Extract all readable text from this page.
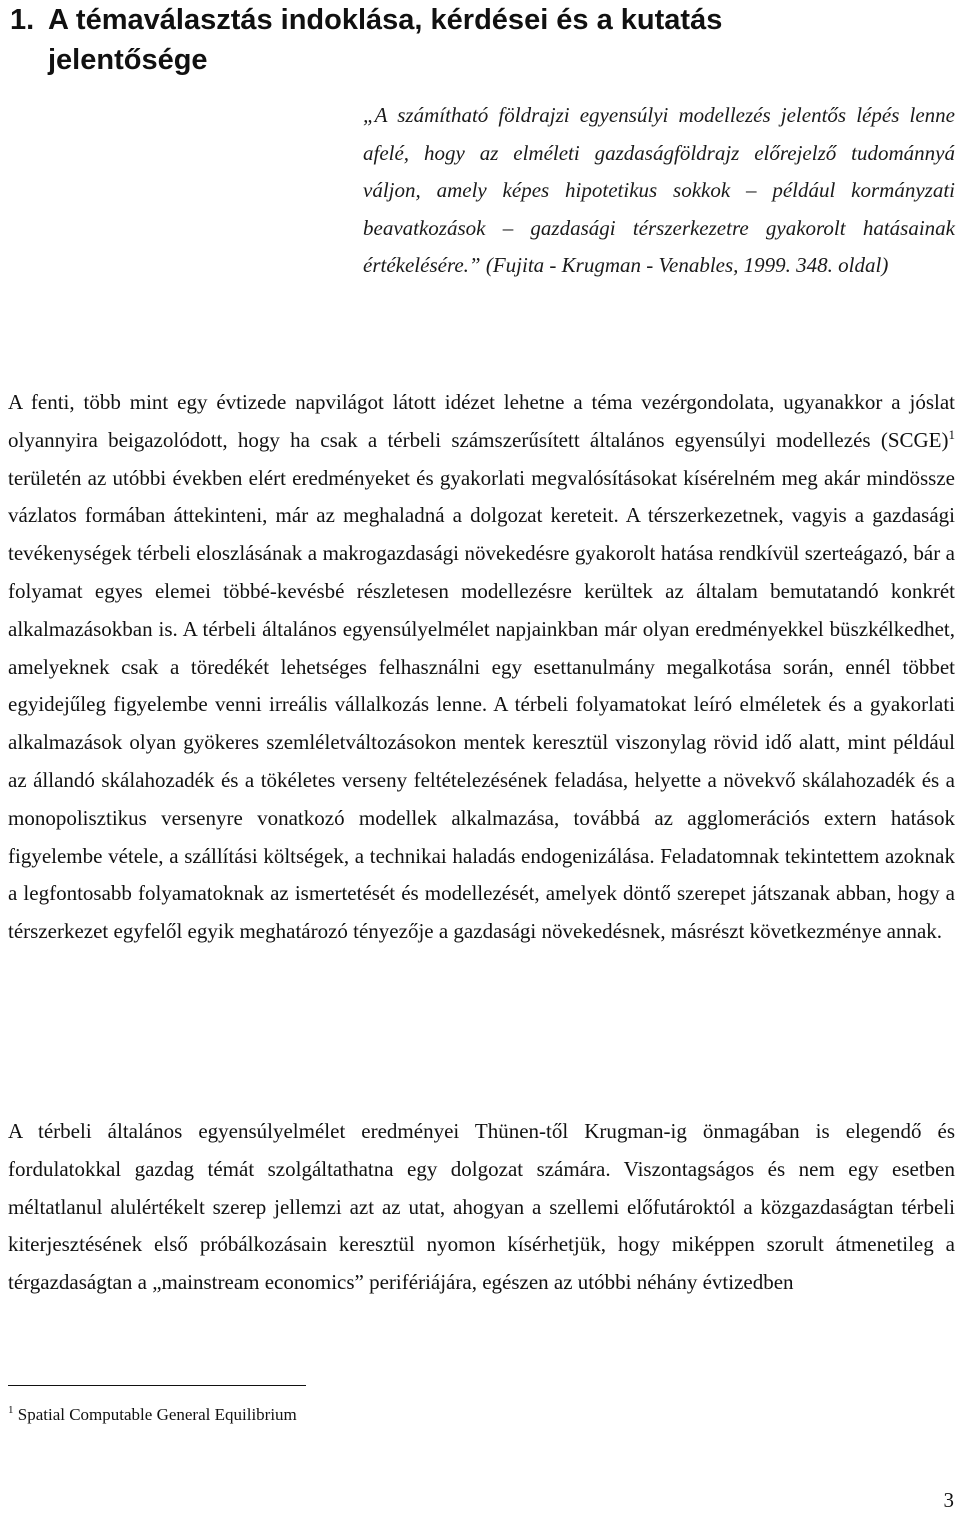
1. A témaválasztás indoklása, kérdései és a kutatás
jelentősége

„A számítható földrajzi egyensúlyi modellezés jelentős lépés lenne afelé, hogy az elméleti gazdaságföldrajz előrejelző tudománnyá váljon, amely képes hipotetikus sokkok – például kormányzati beavatkozások – gazdasági térszerkezetre gyakorolt hatásainak értékelésére.” (Fujita - Krugman - Venables, 1999. 348. oldal)

A fenti, több mint egy évtizede napvilágot látott idézet lehetne a téma vezérgondolata, ugyanakkor a jóslat olyannyira beigazolódott, hogy ha csak a térbeli számszerűsített általános egyensúlyi modellezés (SCGE)$^1$ területén az utóbbi években elért eredményeket és gyakorlati megvalósításokat kísérelném meg akár mindössze vázlatos formában áttekinteni, már az meghaladná a dolgozat kereteit. A térszerkezetnek, vagyis a gazdasági tevékenységek térbeli eloszlásának a makrogazdasági növekedésre gyakorolt hatása rendkívül szerteágazó, bár a folyamat egyes elemei többé-kevésbé részletesen modellezésre kerültek az általam bemutatandó konkrét alkalmazásokban is. A térbeli általános egyensúlyelmélet napjainkban már olyan eredményekkel büszkélkedhet, amelyeknek csak a töredékét lehetséges felhasználni egy esettanulmány megalkotása során, ennél többet egyidejűleg figyelembe venni irreális vállalkozás lenne. A térbeli folyamatokat leíró elméletek és a gyakorlati alkalmazások olyan gyökeres szemléletváltozásokon mentek keresztül viszonylag rövid idő alatt, mint például az állandó skálahozadék és a tökéletes verseny feltételezésének feladása, helyette a növekvő skálahozadék és a monopolisztikus versenyre vonatkozó modellek alkalmazása, továbbá az agglomerációs extern hatások figyelembe vétele, a szállítási költségek, a technikai haladás endogenizálása. Feladatomnak tekintettem azoknak a legfontosabb folyamatoknak az ismertetését és modellezését, amelyek döntő szerepet játszanak abban, hogy a térszerkezet egyfelől egyik meghatározó tényezője a gazdasági növekedésnek, másrészt következménye annak.

A térbeli általános egyensúlyelmélet eredményei Thünen-től Krugman-ig önmagában is elegendő és fordulatokkal gazdag témát szolgáltathatna egy dolgozat számára. Viszontagságos és nem egy esetben méltatlanul alulértékelt szerep jellemzi azt az utat, ahogyan a szellemi előfutároktól a közgazdaságtan térbeli kiterjesztésének első próbálkozásain keresztül nyomon kísérhetjük, hogy miképpen szorult átmenetileg a térgazdaságtan a „mainstream economics” perifériájára, egészen az utóbbi néhány évtizedben

$^1$ Spatial Computable General Equilibrium

3
